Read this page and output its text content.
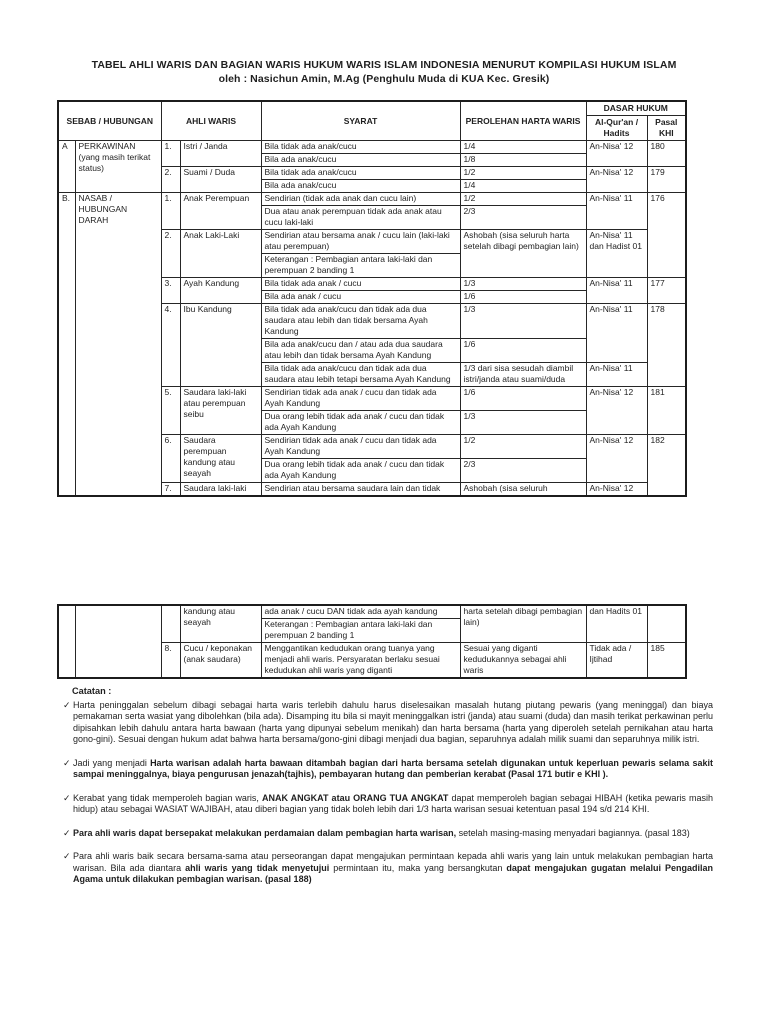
TABEL AHLI WARIS DAN BAGIAN WARIS HUKUM WARIS ISLAM INDONESIA MENURUT KOMPILASI HUKUM ISLAM
oleh : Nasichun Amin, M.Ag (Penghulu Muda di KUA Kec. Gresik)
SEBAB / HUBUNGAN		AHLI WARIS		SYARAT	PEROLEHAN HARTA WARIS	DASAR HUKUM	
						Al-Qur'an / Hadits	Pasal KHI
A	PERKAWINAN (yang masih terikat status)	1.	Istri / Janda	Bila tidak ada anak/cucu	1/4	An-Nisa' 12	180
				Bila ada anak/cucu	1/8		
		2.	Suami / Duda	Bila tidak ada anak/cucu	1/2	An-Nisa' 12	179
				Bila ada anak/cucu	1/4		
B.	NASAB / HUBUNGAN DARAH	1.	Anak Perempuan	Sendirian (tidak ada anak dan cucu lain)	1/2	An-Nisa' 11	176
				Dua atau anak perempuan tidak ada anak atau cucu laki-laki	2/3		
		2.	Anak Laki-Laki	Sendirian atau bersama anak / cucu lain (laki-laki atau perempuan)	Ashobah (sisa seluruh harta setelah dibagi pembagian lain)	An-Nisa' 11 dan Hadist 01	
				Keterangan : Pembagian antara laki-laki dan perempuan 2 banding 1			
		3.	Ayah Kandung	Bila tidak ada anak / cucu	1/3	An-Nisa' 11	177
				Bila ada anak / cucu	1/6		
		4.	Ibu Kandung	Bila tidak ada anak/cucu dan tidak ada dua saudara atau lebih dan tidak bersama Ayah Kandung	1/3	An-Nisa' 11	178
				Bila ada anak/cucu dan / atau ada dua saudara atau lebih dan tidak bersama Ayah Kandung	1/6		
				Bila tidak ada anak/cucu dan tidak ada dua saudara atau lebih tetapi bersama Ayah Kandung	1/3 dari sisa sesudah diambil istri/janda atau suami/duda	An-Nisa' 11	
		5.	Saudara laki-laki atau perempuan seibu	Sendirian tidak ada anak / cucu dan tidak ada Ayah Kandung	1/6	An-Nisa' 12	181
				Dua orang lebih tidak ada anak / cucu dan tidak ada Ayah Kandung	1/3		
		6.	Saudara perempuan kandung atau seayah	Sendirian tidak ada anak / cucu dan tidak ada Ayah Kandung	1/2	An-Nisa' 12	182
				Dua orang lebih tidak ada anak / cucu dan tidak ada Ayah Kandung	2/3		
		7.	Saudara laki-laki	Sendirian atau bersama saudara lain dan tidak	Ashobah (sisa seluruh	An-Nisa' 12	
			kandung atau seayah	ada anak / cucu DAN tidak ada ayah kandung	harta setelah dibagi pembagian lain)	dan Hadits 01	
				Keterangan : Pembagian antara laki-laki dan perempuan 2 banding 1			
		8.	Cucu / keponakan (anak saudara)	Menggantikan kedudukan orang tuanya yang menjadi ahli waris. Persyaratan berlaku sesuai kedudukan ahli waris yang diganti	Sesuai yang diganti kedudukannya sebagai ahli waris	Tidak ada / Ijtihad	185
Catatan :
✓ Harta peninggalan sebelum dibagi sebagai harta waris terlebih dahulu harus diselesaikan masalah hutang piutang pewaris (yang meninggal) dan biaya pemakaman serta wasiat yang dibolehkan (bila ada). Disamping itu bila si mayit meninggalkan istri (janda) atau suami (duda) dan masih terikat perkawinan perlu dipisahkan lebih dahulu antara harta bawaan (harta yang dipunyai sebelum menikah) dan harta bersama (harta yang diperoleh setelah pernikahan atau harta gono-gini). Sesuai dengan hukum adat bahwa harta bersama/gono-gini dibagi menjadi dua bagian, separuhnya adalah milik suami dan separuhnya milik istri.
✓ Jadi yang menjadi Harta warisan adalah harta bawaan ditambah bagian dari harta bersama setelah digunakan untuk keperluan pewaris selama sakit sampai meninggalnya, biaya pengurusan jenazah(tajhis), pembayaran hutang dan pemberian kerabat (Pasal 171 butir e KHI ).
✓ Kerabat yang tidak memperoleh bagian waris, ANAK ANGKAT atau ORANG TUA ANGKAT dapat memperoleh bagian sebagai HIBAH (ketika pewaris masih hidup) atau sebagai WASIAT WAJIBAH, atau diberi bagian yang tidak boleh lebih dari 1/3 harta warisan sesuai ketentuan pasal 194 s/d 214 KHI.
✓ Para ahli waris dapat bersepakat melakukan perdamaian dalam pembagian harta warisan, setelah masing-masing menyadari bagiannya. (pasal 183)
✓ Para ahli waris baik secara bersama-sama atau perseorangan dapat mengajukan permintaan kepada ahli waris yang lain untuk melakukan pembagian harta warisan. Bila ada diantara ahli waris yang tidak menyetujui permintaan itu, maka yang bersangkutan dapat mengajukan gugatan melalui Pengadilan Agama untuk dilakukan pembagian warisan. (pasal 188)
